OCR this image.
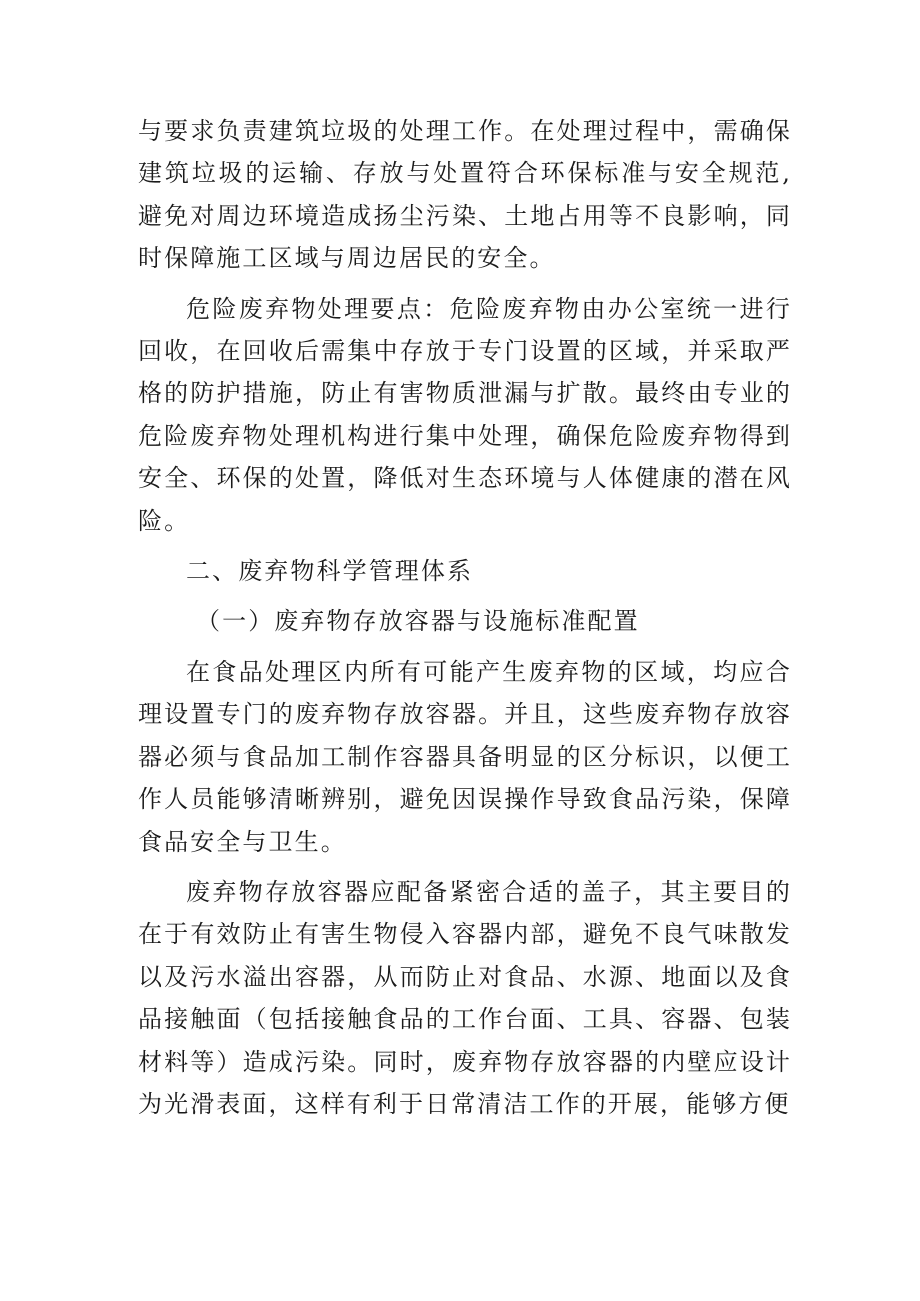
与要求负责建筑垃圾的处理工作。在处理过程中，需确保建筑垃圾的运输、存放与处置符合环保标准与安全规范,避免对周边环境造成扬尘污染、土地占用等不良影响，同时保障施工区域与周边居民的安全。

危险废弃物处理要点：危险废弃物由办公室统一进行回收，在回收后需集中存放于专门设置的区域，并采取严格的防护措施，防止有害物质泄漏与扩散。最终由专业的危险废弃物处理机构进行集中处理，确保危险废弃物得到安全、环保的处置，降低对生态环境与人体健康的潜在风险。

二、废弃物科学管理体系
（一）废弃物存放容器与设施标准配置

在食品处理区内所有可能产生废弃物的区域，均应合理设置专门的废弃物存放容器。并且，这些废弃物存放容器必须与食品加工制作容器具备明显的区分标识，以便工作人员能够清晰辨别，避免因误操作导致食品污染，保障食品安全与卫生。

废弃物存放容器应配备紧密合适的盖子，其主要目的在于有效防止有害生物侵入容器内部，避免不良气味散发以及污水溢出容器，从而防止对食品、水源、地面以及食品接触面（包括接触食品的工作台面、工具、容器、包装材料等）造成污染。同时，废弃物存放容器的内壁应设计为光滑表面，这样有利于日常清洁工作的开展，能够方便
